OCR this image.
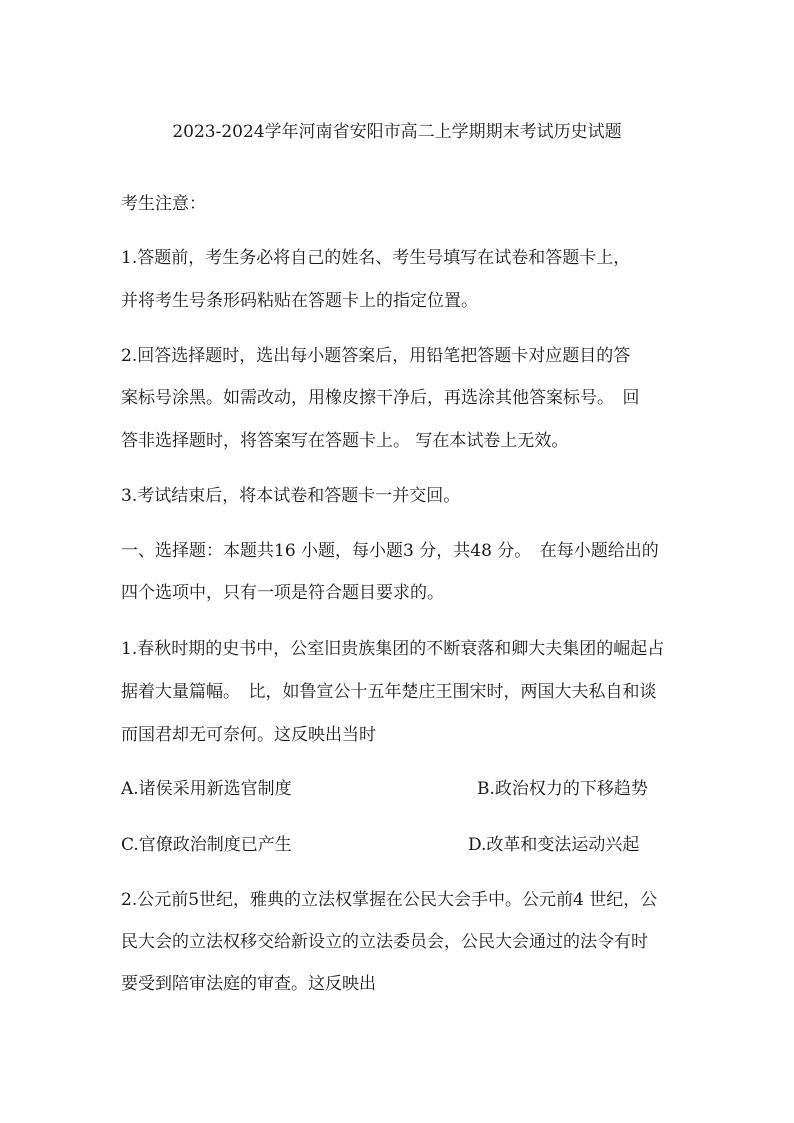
2023-2024学年河南省安阳市高二上学期期末考试历史试题
考生注意：
1.答题前，考生务必将自己的姓名、考生号填写在试卷和答题卡上，
并将考生号条形码粘贴在答题卡上的指定位置。
2.回答选择题时，选出每小题答案后，用铅笔把答题卡对应题目的答
案标号涂黑。如需改动，用橡皮擦干净后，再选涂其他答案标号。　回
答非选择题时，将答案写在答题卡上。 写在本试卷上无效。
3.考试结束后，将本试卷和答题卡一并交回。
一、选择题：本题共16 小题，每小题3 分，共48 分。　在每小题给出的
四个选项中，只有一项是符合题目要求的。
1.春秋时期的史书中，公室旧贵族集团的不断衰落和卿大夫集团的崛起占
据着大量篇幅。　比，如鲁宣公十五年楚庄王围宋时，两国大夫私自和谈
而国君却无可奈何。这反映出当时
A.诸侯采用新选官制度	B.政治权力的下移趋势
C.官僚政治制度已产生	D.改革和变法运动兴起
2.公元前5世纪，雅典的立法权掌握在公民大会手中。公元前4 世纪，公
民大会的立法权移交给新设立的立法委员会，公民大会通过的法令有时
要受到陪审法庭的审查。这反映出
